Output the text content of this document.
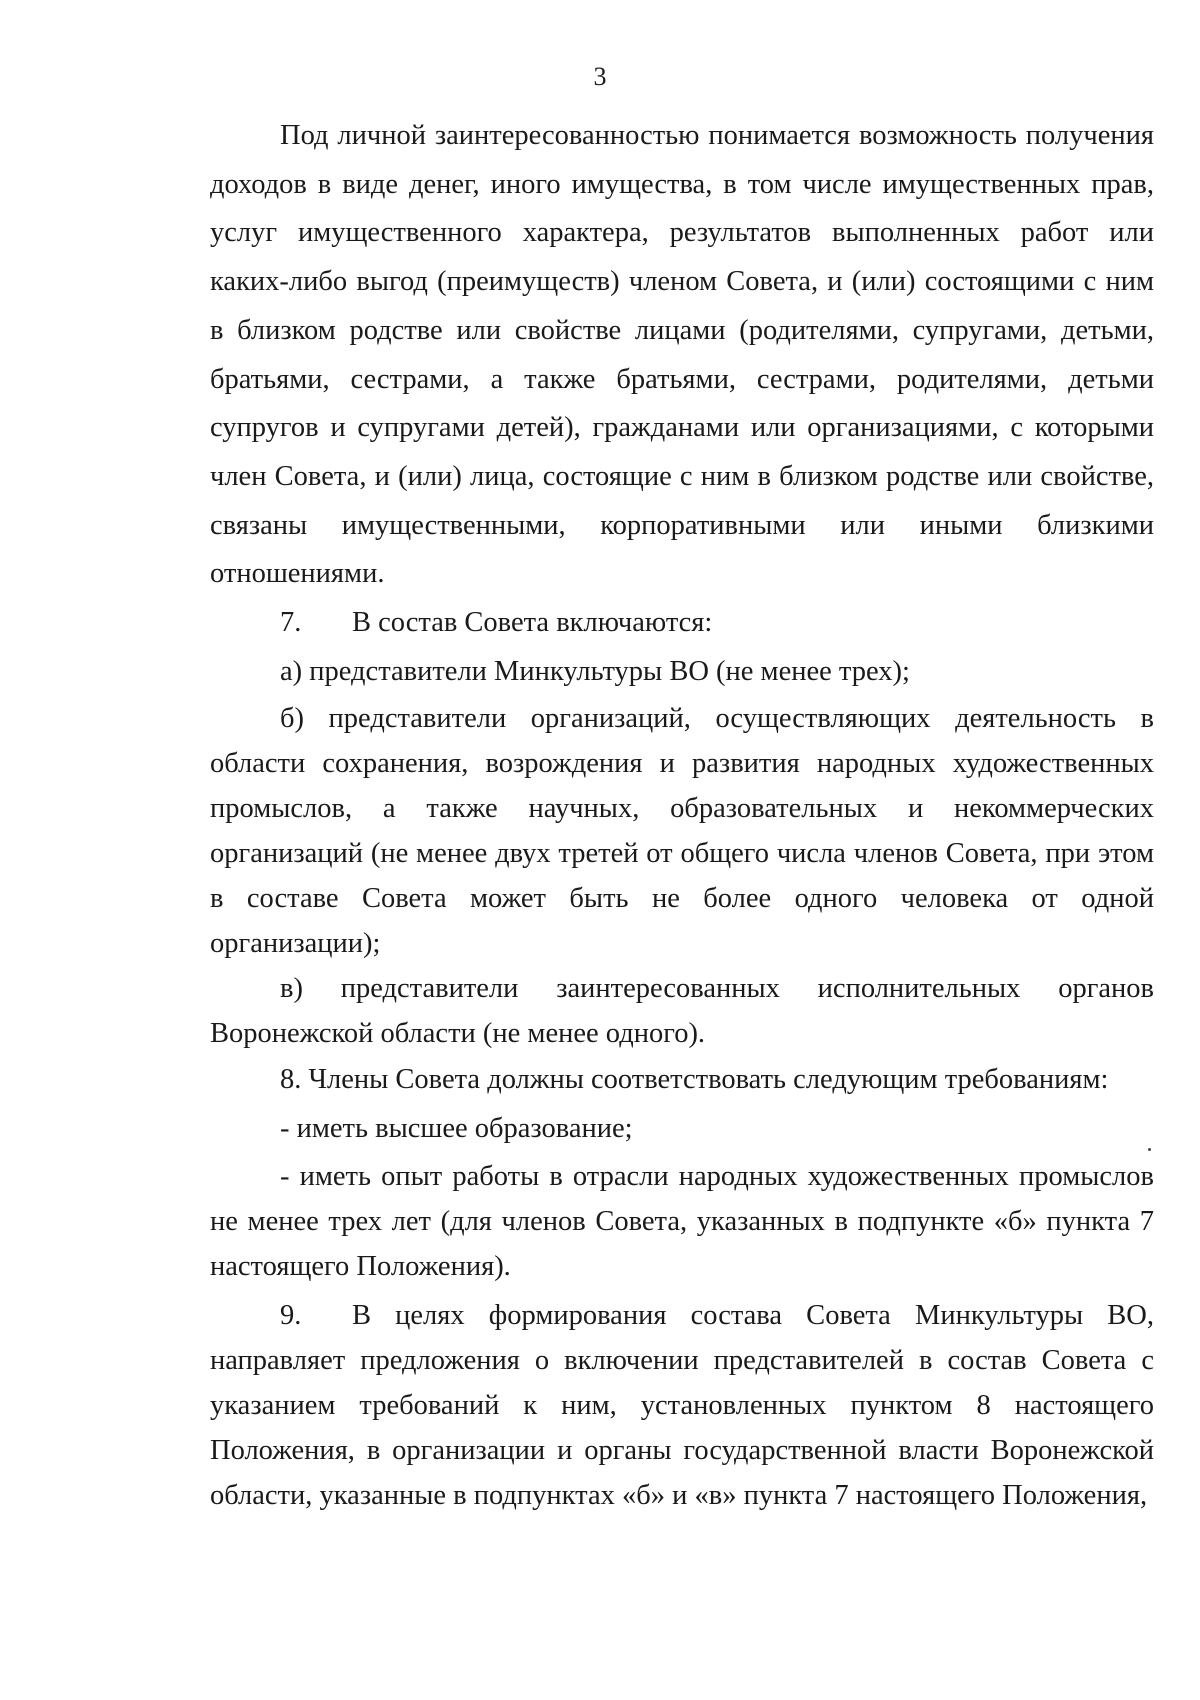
3

Под личной заинтересованностью понимается возможность получения доходов в виде денег, иного имущества, в том числе имущественных прав, услуг имущественного характера, результатов выполненных работ или каких-либо выгод (преимуществ) членом Совета, и (или) состоящими с ним в близком родстве или свойстве лицами (родителями, супругами, детьми, братьями, сестрами, а также братьями, сестрами, родителями, детьми супругов и супругами детей), гражданами или организациями, с которыми член Совета, и (или) лица, состоящие с ним в близком родстве или свойстве, связаны имущественными, корпоративными или иными близкими отношениями.

7. В состав Совета включаются:

а) представители Минкультуры ВО (не менее трех);

б) представители организаций, осуществляющих деятельность в области сохранения, возрождения и развития народных художественных промыслов, а также научных, образовательных и некоммерческих организаций (не менее двух третей от общего числа членов Совета, при этом в составе Совета может быть не более одного человека от одной организации);

в) представители заинтересованных исполнительных органов Воронежской области (не менее одного).

8. Члены Совета должны соответствовать следующим требованиям:

- иметь высшее образование;

- иметь опыт работы в отрасли народных художественных промыслов не менее трех лет (для членов Совета, указанных в подпункте «б» пункта 7 настоящего Положения).

9. В целях формирования состава Совета Минкультуры ВО, направляет предложения о включении представителей в состав Совета с указанием требований к ним, установленных пунктом 8 настоящего Положения, в организации и органы государственной власти Воронежской области, указанные в подпунктах «б» и «в» пункта 7 настоящего Положения,
